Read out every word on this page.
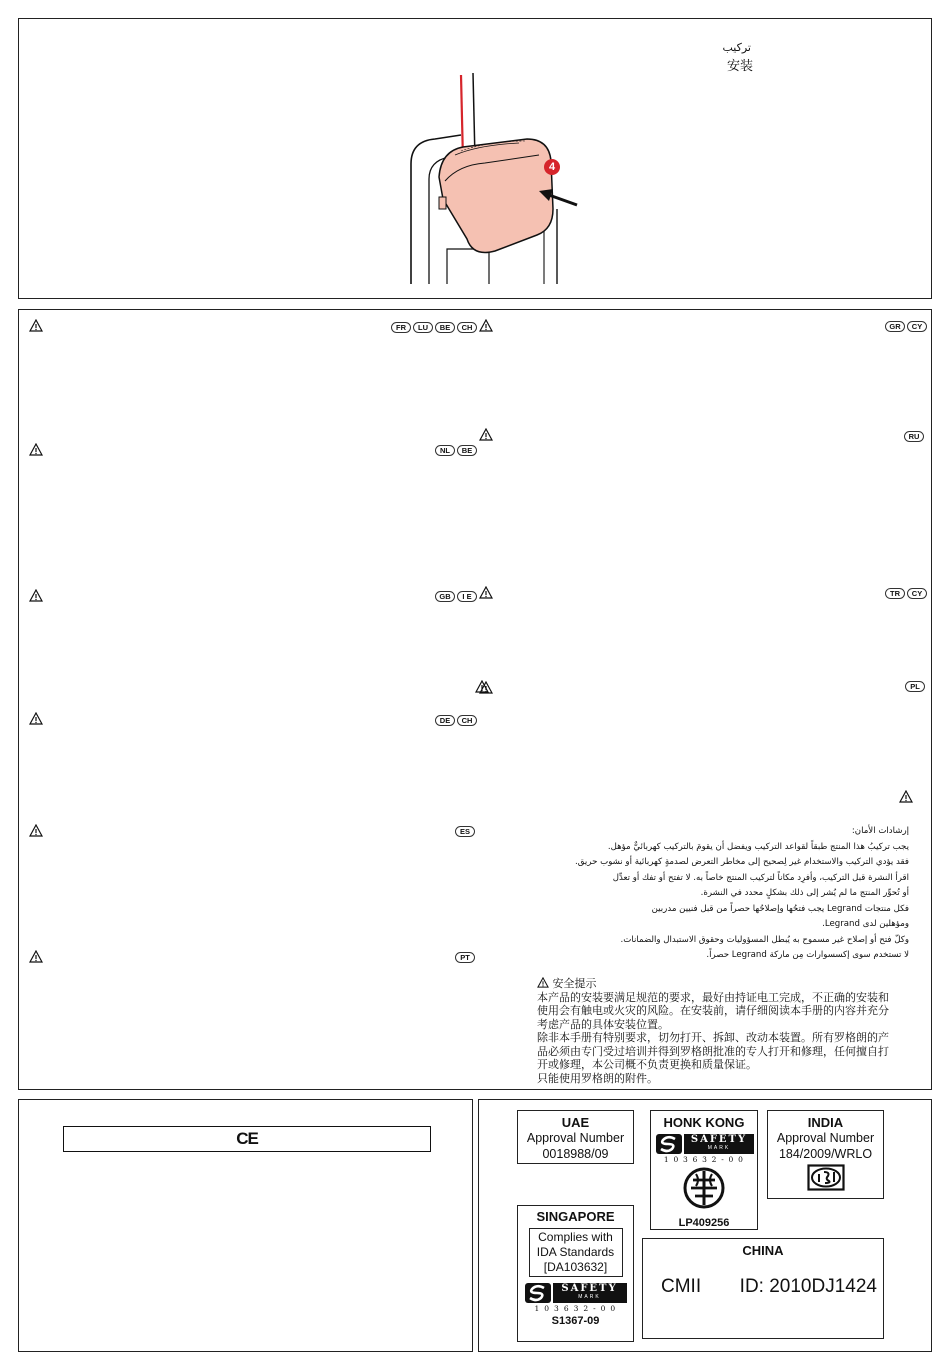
تركيب
安装
4
FR	LU	BE	CH
NL	BE
GB	I E
DE	CH
ES
PT
GR	CY
RU
TR	CY
PL
إرشادات الأمان:
يجب تركيبُ هذا المنتج طبقاً لقواعد التركيب ويفضل أن يقومَ بالتركيب كهربائيٌّ مؤهل.
فقد يؤدي التركيب والاستخدام غير لِصحيح إلى مخاطر التعرض لصدمةٍ كهربائية أو نشوب حريق.
اقرأ النشرة قبل التركيب، وأفرِد مكاناً لتركيب المنتج خاصاً به. لا تفتح أو تفك أو تعدِّل
أو تُحوِّر المنتج ما لم يُشر إلى ذلك بشكلٍ محدد في النشرة.
فكل منتجات Legrand يجب فتحُها وإصلاحُها حصراً من قبل فنيين مدربين
ومؤهلين لدى Legrand.
وكلّ فتح أو إصلاح غير مسموح به يُبطل المسؤوليات وحقوق الاستبدال والضمانات.
لا تستخدم سوى إكسسوارات مِن ماركة Legrand حصراً.
安全提示
本产品的安装要满足规范的要求，最好由持证电工完成，不正确的安装和
使用会有触电或火灾的风险。在安装前，请仔细阅读本手册的内容并充分
考虑产品的具体安装位置。
除非本手册有特别要求，切勿打开、拆卸、改动本装置。所有罗格朗的产
品必须由专门受过培训并得到罗格朗批准的专人打开和修理，任何擅自打
开或修理，本公司概不负责更换和质量保证。
只能使用罗格朗的附件。
CE
UAE
Approval Number
0018988/09
HONK KONG
SAFETY
MARK
1 0 3 6 3 2 - 0 0
LP409256
INDIA
Approval Number
184/2009/WRLO
SINGAPORE
Complies with
IDA Standards
[DA103632]
SAFETY
MARK
1 0 3 6 3 2 - 0 0
S1367-09
CHINA
CMII ID: 2010DJ1424
